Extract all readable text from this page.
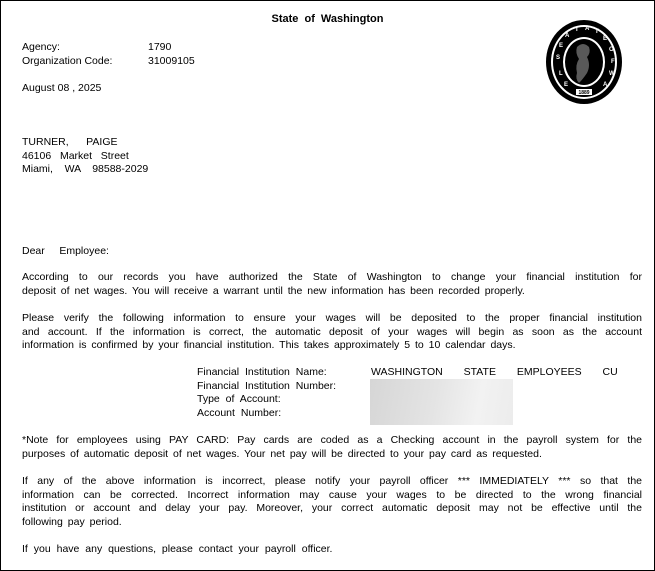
State of Washington
Agency:	1790
Organization Code:	31009105
August 08 , 2025	1889
S
E
A
T A T
E
O
F
W
A
L
E
TURNER,      PAIGE
46106   Market   Street
Miami,    WA    98588-2029
Dear     Employee:
According to our records you have authorized the State of Washington to change your financial institution for
deposit of net wages. You will receive a warrant until the new information has been recorded properly.
Please verify the following information to ensure your wages will be deposited to the proper financial institution
and account. If the information is correct, the automatic deposit of your wages will begin as soon as the account
information is confirmed by your financial institution. This takes approximately 5 to 10 calendar days.
Financial Institution Name:	WASHINGTON STATE EMPLOYEES CU
Financial Institution Number:
Type of Account:
Account Number:
*Note for employees using PAY CARD: Pay cards are coded as a Checking account in the payroll system for the
purposes of automatic deposit of net wages. Your net pay will be directed to your pay card as requested.
If any of the above information is incorrect, please notify your payroll officer *** IMMEDIATELY *** so that the
information can be corrected. Incorrect information may cause your wages to be directed to the wrong financial
institution or account and delay your pay. Moreover, your correct automatic deposit may not be effective until the
following pay period.
If you have any questions, please contact your payroll officer.
